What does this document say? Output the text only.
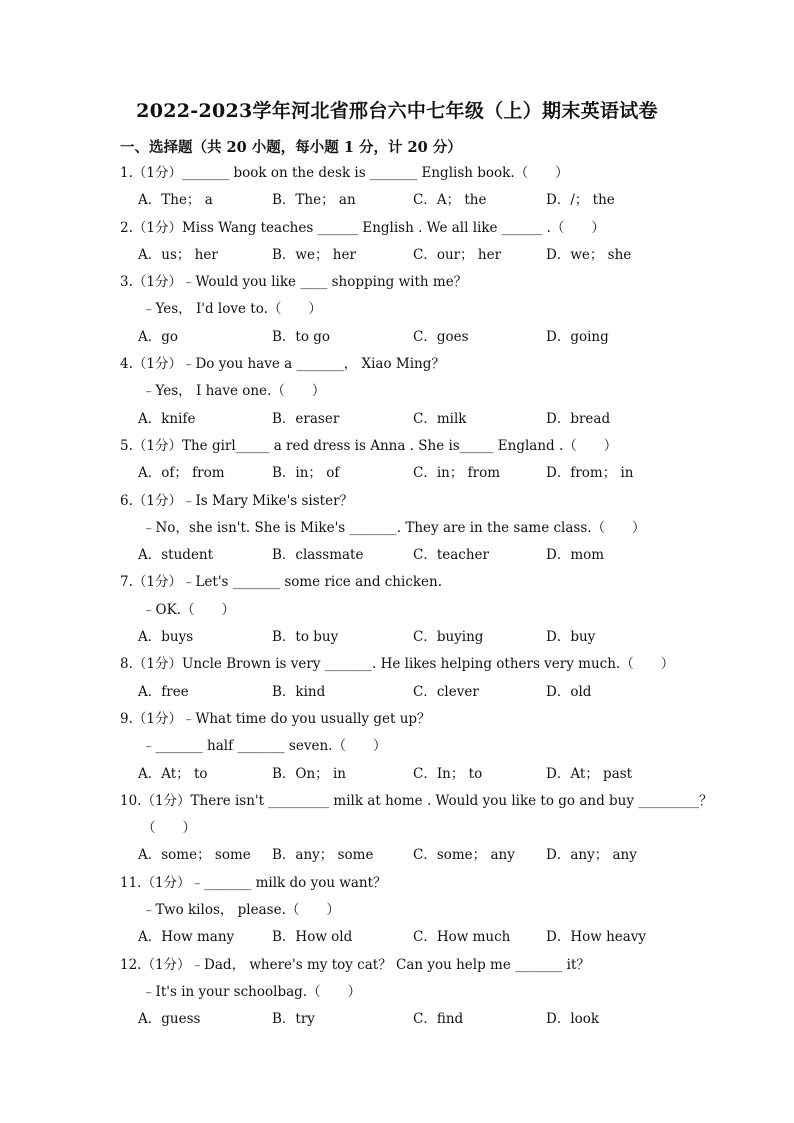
2022-2023学年河北省邢台六中七年级（上）期末英语试卷
一、选择题（共 20 小题，每小题 1 分，计 20 分）
1.（1分）_______ book on the desk is _______ English book.（　　）
A．The； a	B．The； an	C．A； the	D．/； the
2.（1分）Miss Wang teaches ______ English . We all like ______ .（　　）
A．us； her	B．we； her	C．our； her	D．we； she
3.（1分）﹣Would you like ____ shopping with me？
﹣Yes， I'd love to.（　　）
A．go	B．to go	C．goes	D．going
4.（1分）﹣Do you have a _______， Xiao Ming？
﹣Yes， I have one.（　　）
A．knife	B．eraser	C．milk	D．bread
5.（1分）The girl_____ a red dress is Anna . She is_____ England .（　　）
A．of； from	B．in； of	C．in； from	D．from； in
6.（1分）﹣Is Mary Mike's sister？
﹣No，she isn't. She is Mike's _______. They are in the same class.（　　）
A．student	B．classmate	C．teacher	D．mom
7.（1分）﹣Let's _______ some rice and chicken.
﹣OK.（　　）
A．buys	B．to buy	C．buying	D．buy
8.（1分）Uncle Brown is very _______. He likes helping others very much.（　　）
A．free	B．kind	C．clever	D．old
9.（1分）﹣What time do you usually get up？
﹣_______ half _______ seven.（　　）
A．At； to	B．On； in	C．In； to	D．At； past
10.（1分）There isn't _________ milk at home . Would you like to go and buy _________？
（　　）
A．some； some B．any； some	C．some； any D．any； any
11.（1分）﹣_______ milk do you want？
﹣Two kilos， please.（　　）
A．How many	B．How old	C．How much	D．How heavy
12.（1分）﹣Dad， where's my toy cat？ Can you help me _______ it？
﹣It's in your schoolbag.（　　）
A．guess	B．try	C．find	D．look
